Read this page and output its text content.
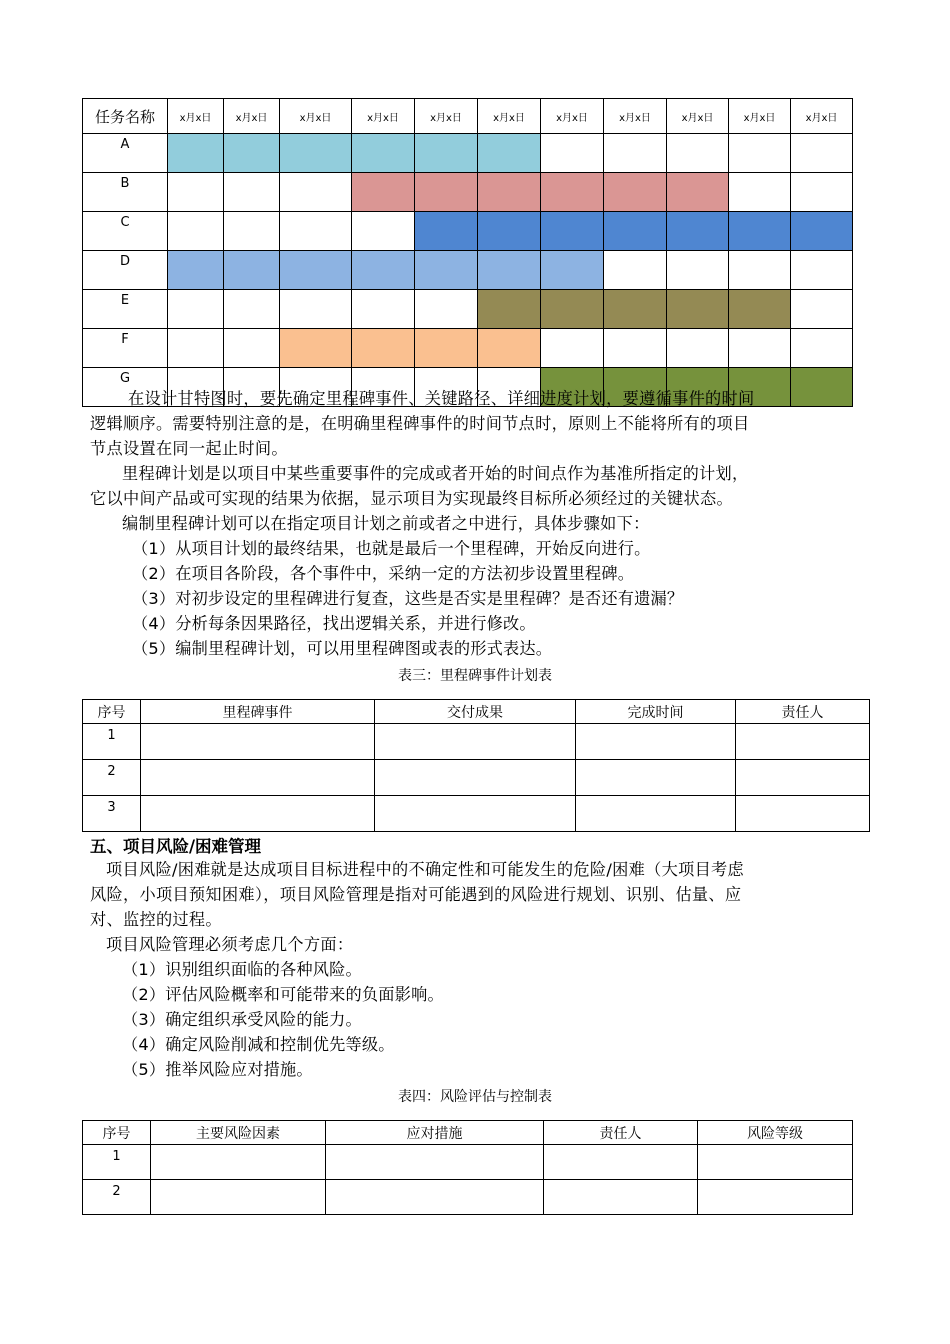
任务名称	x月x日	x月x日	x月x日	x月x日	x月x日	x月x日	x月x日	x月x日	x月x日	x月x日	x月x日
A											
B											
C											
D											
E											
F											
G											
在设计甘特图时，要先确定里程碑事件、关键路径、详细进度计划，要遵循事件的时间
逻辑顺序。需要特别注意的是，在明确里程碑事件的时间节点时，原则上不能将所有的项目
节点设置在同一起止时间。
里程碑计划是以项目中某些重要事件的完成或者开始的时间点作为基准所指定的计划，
它以中间产品或可实现的结果为依据，显示项目为实现最终目标所必须经过的关键状态。
编制里程碑计划可以在指定项目计划之前或者之中进行，具体步骤如下：
（1）从项目计划的最终结果，也就是最后一个里程碑，开始反向进行。
（2）在项目各阶段，各个事件中，采纳一定的方法初步设置里程碑。
（3）对初步设定的里程碑进行复查，这些是否实是里程碑？是否还有遗漏？
（4）分析每条因果路径，找出逻辑关系，并进行修改。
（5）编制里程碑计划，可以用里程碑图或表的形式表达。
表三：里程碑事件计划表
序号	里程碑事件	交付成果	完成时间	责任人
1				
2				
3				
五、项目风险/困难管理
项目风险/困难就是达成项目目标进程中的不确定性和可能发生的危险/困难（大项目考虑
风险，小项目预知困难），项目风险管理是指对可能遇到的风险进行规划、识别、估量、应
对、监控的过程。
项目风险管理必须考虑几个方面：
（1）识别组织面临的各种风险。
（2）评估风险概率和可能带来的负面影响。
（3）确定组织承受风险的能力。
（4）确定风险削减和控制优先等级。
（5）推举风险应对措施。
表四：风险评估与控制表
序号	主要风险因素	应对措施	责任人	风险等级
1				
2				
